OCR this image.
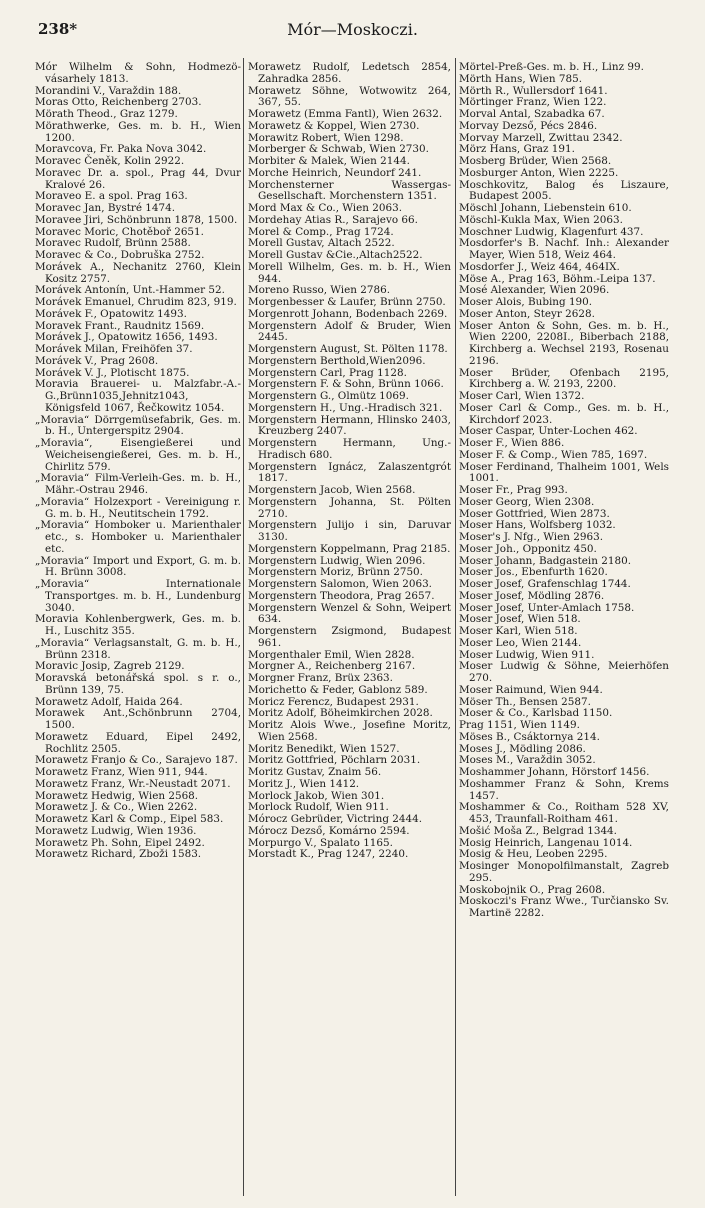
238*	Mór—Moskoczi.

Mór Wilhelm & Sohn, Hodmezö-vásarhely 1813.

Morandini V., Varaždin 188.

Moras Otto, Reichenberg 2703.

Mörath Theod., Graz 1279.

Mörathwerke, Ges. m. b. H., Wien 1200.

Moravcova, Fr. Paka Nova 3042.

Moravec Čeněk, Kolin 2922.

Moravec Dr. a. spol., Prag 44, Dvur Kralové 26.

Moraveo E. a spol. Prag 163.

Moravec Jan, Bystré 1474.

Moravee Jiri, Schönbrunn 1878, 1500.

Moravec Moric, Chotěboř 2651.

Moravec Rudolf, Brünn 2588.

Moravec & Co., Dobruška 2752.

Morávek A., Nechanitz 2760, Klein Kositz 2757.

Morávek Antonín, Unt.-Hammer 52.

Morávek Emanuel, Chrudim 823, 919.

Morávek F., Opatowitz 1493.

Moravek Frant., Raudnitz 1569.

Morávek J., Opatowitz 1656, 1493.

Morávek Milan, Freihöfen 37.

Morávek V., Prag 2608.

Morávek V. J., Plotischt 1875.

Moravia Brauerei- u. Malzfabr.-A.-G.,Brünn1035,Jehnitz1043, Königsfeld 1067, Řečkowitz 1054.

„Moravia“ Dörrgemüsefabrik, Ges. m. b. H., Untergerspitz 2904.

„Moravia“, Eisengießerei und Weicheisengießerei, Ges. m. b. H., Chirlitz 579.

„Moravia“ Film-Verleih-Ges. m. b. H., Mähr.-Ostrau 2946.

„Moravia“ Holzexport - Vereinigung r. G. m. b. H., Neutitschein 1792.

„Moravia“ Homboker u. Marienthaler etc., s. Homboker u. Marienthaler etc.

„Moravia“ Import und Export, G. m. b. H. Brünn 3008.

„Moravia“ Internationale Transportges. m. b. H., Lundenburg 3040.

Moravia Kohlenbergwerk, Ges. m. b. H., Luschitz 355.

„Moravia“ Verlagsanstalt, G. m. b. H., Brünn 2318.

Moravic Josip, Zagreb 2129.

Moravská betonářská spol. s r. o., Brünn 139, 75.

Morawetz Adolf, Haida 264.

Morawek Ant.,Schönbrunn 2704, 1500.

Morawetz Eduard, Eipel 2492, Rochlitz 2505.

Morawetz Franjo & Co., Sarajevo 187.

Morawetz Franz, Wien 911, 944.

Morawetz Franz, Wr.-Neustadt 2071.

Morawetz Hedwig, Wien 2568.

Morawetz J. & Co., Wien 2262.

Morawetz Karl & Comp., Eipel 583.

Morawetz Ludwig, Wien 1936.

Morawetz Ph. Sohn, Eipel 2492.

Morawetz Richard, Zboži 1583.

Morawetz Rudolf, Ledetsch 2854, Zahradka 2856.

Morawetz Söhne, Wotwowitz 264, 367, 55.

Morawetz (Emma Fantl), Wien 2632.

Morawetz & Koppel, Wien 2730.

Morawitz Robert, Wien 1298.

Morberger & Schwab, Wien 2730.

Morbiter & Malek, Wien 2144.

Morche Heinrich, Neundorf 241.

Morchensterner Wassergas-Gesellschaft. Morchenstern 1351.

Mord Max & Co., Wien 2063.

Mordehay Atias R., Sarajevo 66.

Morel & Comp., Prag 1724.

Morell Gustav, Altach 2522.

Morell Gustav &Cie.,Altach2522.

Morell Wilhelm, Ges. m. b. H., Wien 944.

Moreno Russo, Wien 2786.

Morgenbesser & Laufer, Brünn 2750.

Morgenrott Johann, Bodenbach 2269.

Morgenstern Adolf & Bruder, Wien 2445.

Morgenstern August, St. Pölten 1178.

Morgenstern Berthold,Wien2096.

Morgenstern Carl, Prag 1128.

Morgenstern F. & Sohn, Brünn 1066.

Morgenstern G., Olmütz 1069.

Morgenstern H., Ung.-Hradisch 321.

Morgenstern Hermann, Hlinsko 2403, Kreuzberg 2407.

Morgenstern Hermann, Ung.-Hradisch 680.

Morgenstern Ignácz, Zalaszentgrót 1817.

Morgenstern Jacob, Wien 2568.

Morgenstern Johanna, St. Pölten 2710.

Morgenstern Julijo i sin, Daruvar 3130.

Morgenstern Koppelmann, Prag 2185.

Morgenstern Ludwig, Wien 2096.

Morgenstern Moriz, Brünn 2750.

Morgenstern Salomon, Wien 2063.

Morgenstern Theodora, Prag 2657.

Morgenstern Wenzel & Sohn, Weipert 634.

Morgenstern Zsigmond, Budapest 961.

Morgenthaler Emil, Wien 2828.

Morgner A., Reichenberg 2167.

Morgner Franz, Brüx 2363.

Morichetto & Feder, Gablonz 589.

Moricz Ferencz, Budapest 2931.

Moritz Adolf, Böheimkirchen 2028.

Moritz Alois Wwe., Josefine Moritz, Wien 2568.

Moritz Benedikt, Wien 1527.

Moritz Gottfried, Pöchlarn 2031.

Moritz Gustav, Znaim 56.

Moritz J., Wien 1412.

Morlock Jakob, Wien 301.

Morlock Rudolf, Wien 911.

Mórocz Gebrüder, Victring 2444.

Mórocz Dezső, Komárno 2594.

Morpurgo V., Spalato 1165.

Morstadt K., Prag 1247, 2240.

Mörtel-Preß-Ges. m. b. H., Linz 99.

Mörth Hans, Wien 785.

Mörth R., Wullersdorf 1641.

Mörtinger Franz, Wien 122.

Morval Antal, Szabadka 67.

Morvay Dezső, Pécs 2846.

Morvay Marzell, Zwittau 2342.

Mörz Hans, Graz 191.

Mosberg Brüder, Wien 2568.

Mosburger Anton, Wien 2225.

Moschkovitz, Balog és Liszaure, Budapest 2005.

Möschl Johann, Liebenstein 610.

Möschl-Kukla Max, Wien 2063.

Moschner Ludwig, Klagenfurt 437.

Mosdorfer's B. Nachf. Inh.: Alexander Mayer, Wien 518, Weiz 464.

Mosdorfer J., Weiz 464, 464IX.

Möse A., Prag 163, Böhm.-Leipa 137.

Mosé Alexander, Wien 2096.

Moser Alois, Bubing 190.

Moser Anton, Steyr 2628.

Moser Anton & Sohn, Ges. m. b. H., Wien 2200, 2208I., Biberbach 2188, Kirchberg a. Wechsel 2193, Rosenau 2196.

Moser Brüder, Ofenbach 2195, Kirchberg a. W. 2193, 2200.

Moser Carl, Wien 1372.

Moser Carl & Comp., Ges. m. b. H., Kirchdorf 2023.

Moser Caspar, Unter-Lochen 462.

Moser F., Wien 886.

Moser F. & Comp., Wien 785, 1697.

Moser Ferdinand, Thalheim 1001, Wels 1001.

Moser Fr., Prag 993.

Moser Georg, Wien 2308.

Moser Gottfried, Wien 2873.

Moser Hans, Wolfsberg 1032.

Moser's J. Nfg., Wien 2963.

Moser Joh., Opponitz 450.

Moser Johann, Badgastein 2180.

Moser Jos., Ebenfurth 1620.

Moser Josef, Grafenschlag 1744.

Moser Josef, Mödling 2876.

Moser Josef, Unter-Amlach 1758.

Moser Josef, Wien 518.

Moser Karl, Wien 518.

Moser Leo, Wien 2144.

Moser Ludwig, Wien 911.

Moser Ludwig & Söhne, Meierhöfen 270.

Moser Raimund, Wien 944.

Möser Th., Bensen 2587.

Moser & Co., Karlsbad 1150.

Prag 1151, Wien 1149.

Möses B., Csáktornya 214.

Moses J., Mödling 2086.

Moses M., Varaždin 3052.

Moshammer Johann, Hörstorf 1456.

Moshammer Franz & Sohn, Krems 1457.

Moshammer & Co., Roitham 528 XV, 453, Traunfall-Roitham 461.

Mošić Moša Z., Belgrad 1344.

Mosig Heinrich, Langenau 1014.

Mosig & Heu, Leoben 2295.

Mosinger Monopolfilmanstalt, Zagreb 295.

Moskobojnik O., Prag 2608.

Moskoczi's Franz Wwe., Turčiansko Sv. Martinë 2282.
